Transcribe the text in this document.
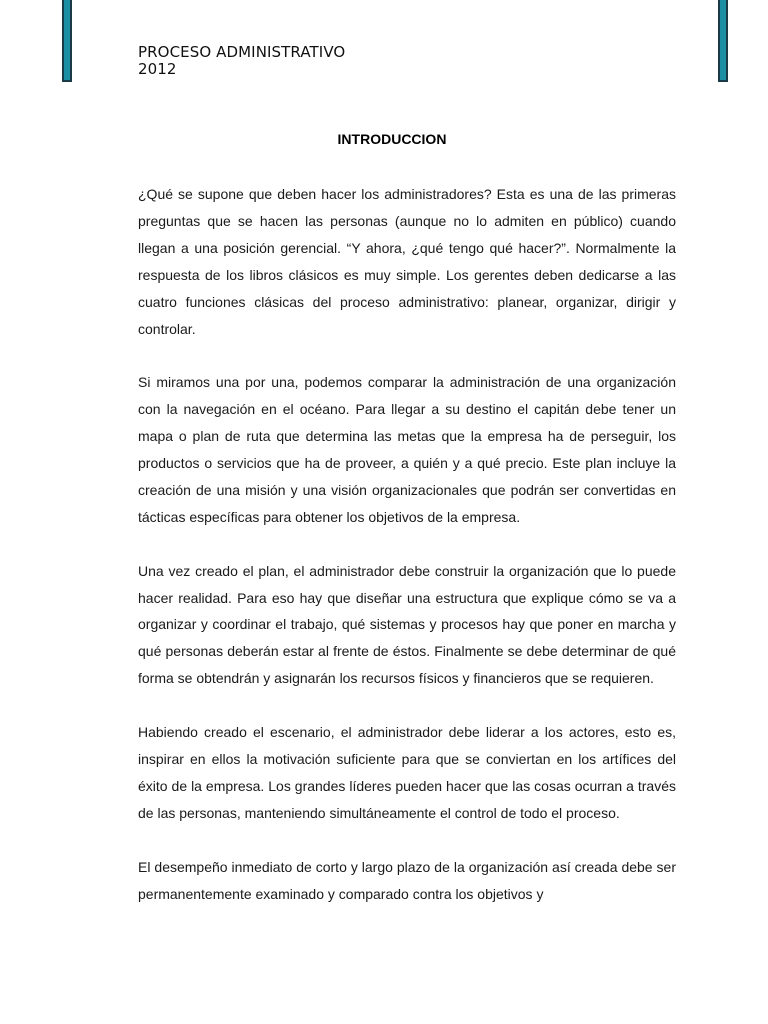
PROCESO ADMINISTRATIVO
2012
INTRODUCCION

¿Qué se supone que deben hacer los administradores? Esta es una de las primeras preguntas que se hacen las personas (aunque no lo admiten en público) cuando llegan a una posición gerencial. “Y ahora, ¿qué tengo qué hacer?”. Normalmente la respuesta de los libros clásicos es muy simple. Los gerentes deben dedicarse a las cuatro funciones clásicas del proceso administrativo: planear, organizar, dirigir y controlar.

Si miramos una por una, podemos comparar la administración de una organización con la navegación en el océano. Para llegar a su destino el capitán debe tener un mapa o plan de ruta que determina las metas que la empresa ha de perseguir, los productos o servicios que ha de proveer, a quién y a qué precio. Este plan incluye la creación de una misión y una visión organizacionales que podrán ser convertidas en tácticas específicas para obtener los objetivos de la empresa.

Una vez creado el plan, el administrador debe construir la organización que lo puede hacer realidad. Para eso hay que diseñar una estructura que explique cómo se va a organizar y coordinar el trabajo, qué sistemas y procesos hay que poner en marcha y qué personas deberán estar al frente de éstos. Finalmente se debe determinar de qué forma se obtendrán y asignarán los recursos físicos y financieros que se requieren.

Habiendo creado el escenario, el administrador debe liderar a los actores, esto es, inspirar en ellos la motivación suficiente para que se conviertan en los artífices del éxito de la empresa. Los grandes líderes pueden hacer que las cosas ocurran a través de las personas, manteniendo simultáneamente el control de todo el proceso.

El desempeño inmediato de corto y largo plazo de la organización así creada debe ser permanentemente examinado y comparado contra los objetivos y
